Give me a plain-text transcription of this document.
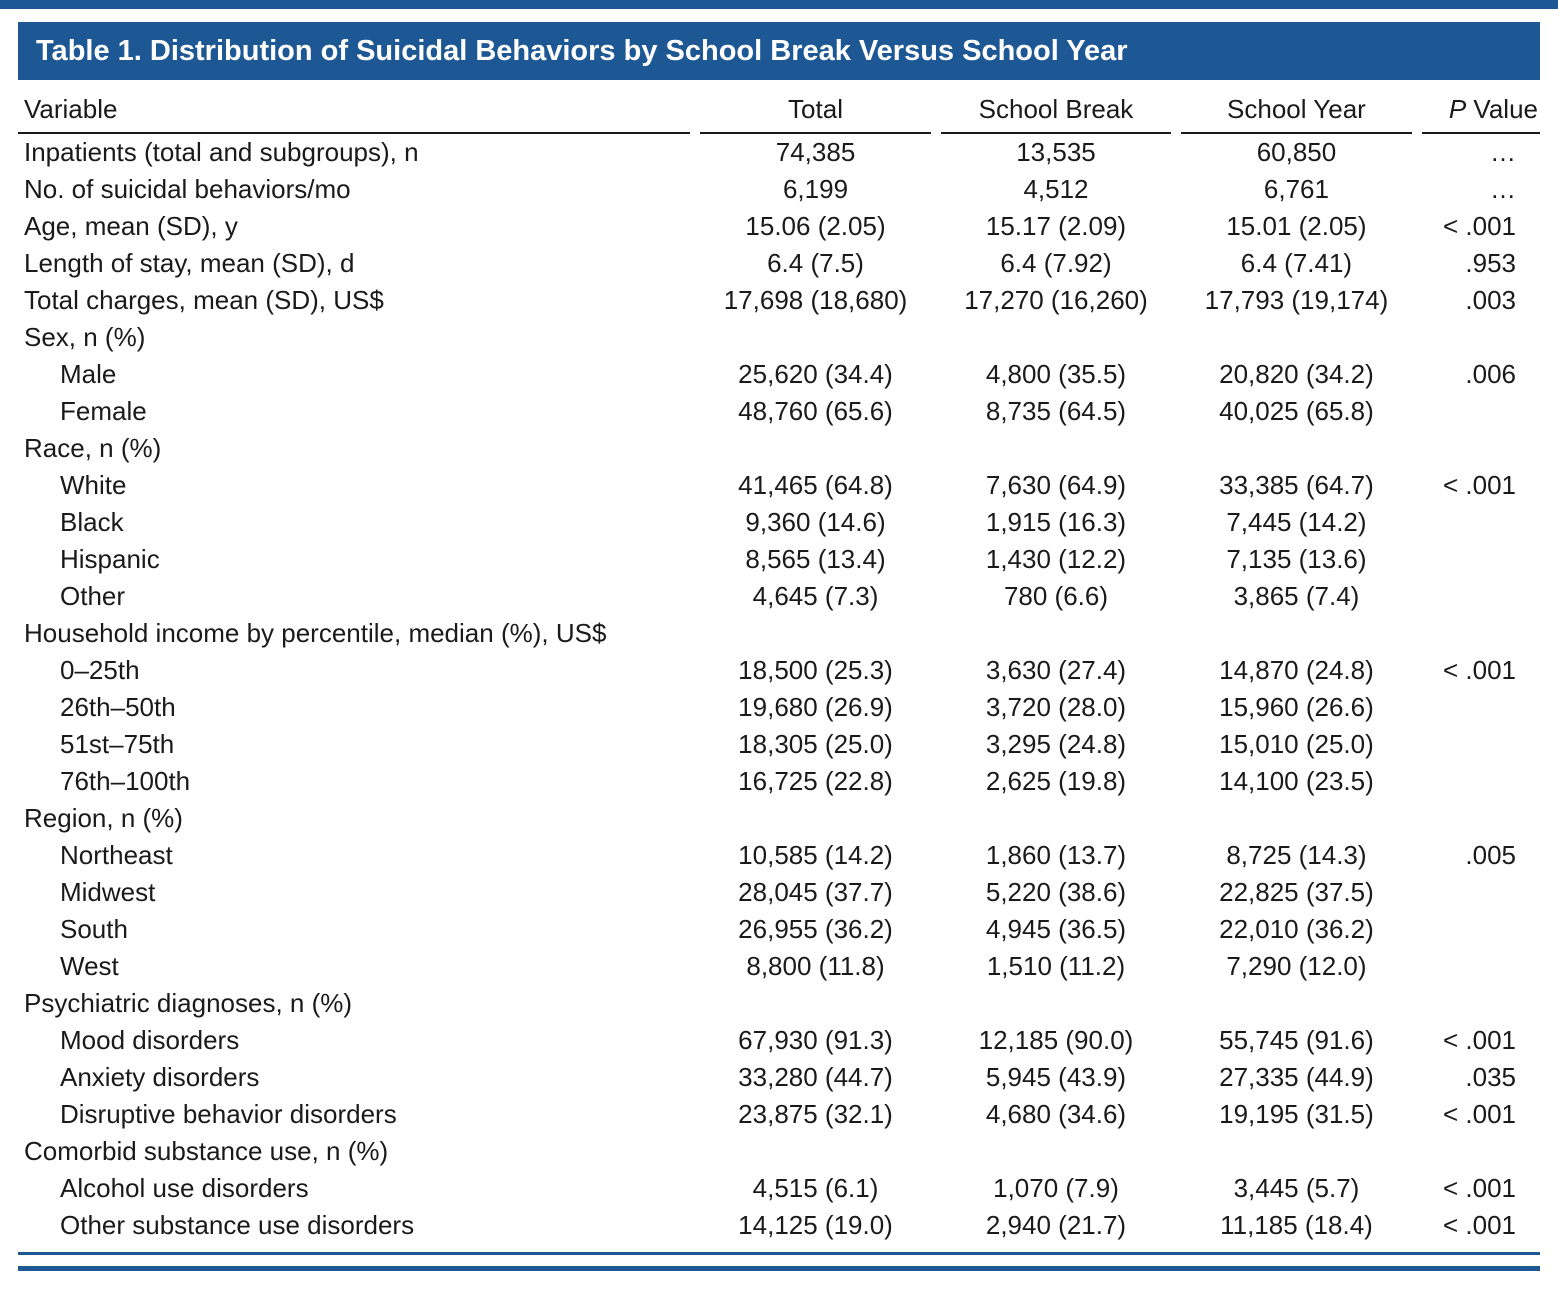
Table 1. Distribution of Suicidal Behaviors by School Break Versus School Year
Variable	Total	School Break	School Year	P Value
Inpatients (total and subgroups), n	74,385	13,535	60,850	…
No. of suicidal behaviors/mo	6,199	4,512	6,761	…
Age, mean (SD), y	15.06 (2.05)	15.17 (2.09)	15.01 (2.05)	< .001
Length of stay, mean (SD), d	6.4 (7.5)	6.4 (7.92)	6.4 (7.41)	.953
Total charges, mean (SD), US$	17,698 (18,680)	17,270 (16,260)	17,793 (19,174)	.003
Sex, n (%)				
Male	25,620 (34.4)	4,800 (35.5)	20,820 (34.2)	.006
Female	48,760 (65.6)	8,735 (64.5)	40,025 (65.8)	
Race, n (%)				
White	41,465 (64.8)	7,630 (64.9)	33,385 (64.7)	< .001
Black	9,360 (14.6)	1,915 (16.3)	7,445 (14.2)	
Hispanic	8,565 (13.4)	1,430 (12.2)	7,135 (13.6)	
Other	4,645 (7.3)	780 (6.6)	3,865 (7.4)	
Household income by percentile, median (%), US$				
0–25th	18,500 (25.3)	3,630 (27.4)	14,870 (24.8)	< .001
26th–50th	19,680 (26.9)	3,720 (28.0)	15,960 (26.6)	
51st–75th	18,305 (25.0)	3,295 (24.8)	15,010 (25.0)	
76th–100th	16,725 (22.8)	2,625 (19.8)	14,100 (23.5)	
Region, n (%)				
Northeast	10,585 (14.2)	1,860 (13.7)	8,725 (14.3)	.005
Midwest	28,045 (37.7)	5,220 (38.6)	22,825 (37.5)	
South	26,955 (36.2)	4,945 (36.5)	22,010 (36.2)	
West	8,800 (11.8)	1,510 (11.2)	7,290 (12.0)	
Psychiatric diagnoses, n (%)				
Mood disorders	67,930 (91.3)	12,185 (90.0)	55,745 (91.6)	< .001
Anxiety disorders	33,280 (44.7)	5,945 (43.9)	27,335 (44.9)	.035
Disruptive behavior disorders	23,875 (32.1)	4,680 (34.6)	19,195 (31.5)	< .001
Comorbid substance use, n (%)				
Alcohol use disorders	4,515 (6.1)	1,070 (7.9)	3,445 (5.7)	< .001
Other substance use disorders	14,125 (19.0)	2,940 (21.7)	11,185 (18.4)	< .001
